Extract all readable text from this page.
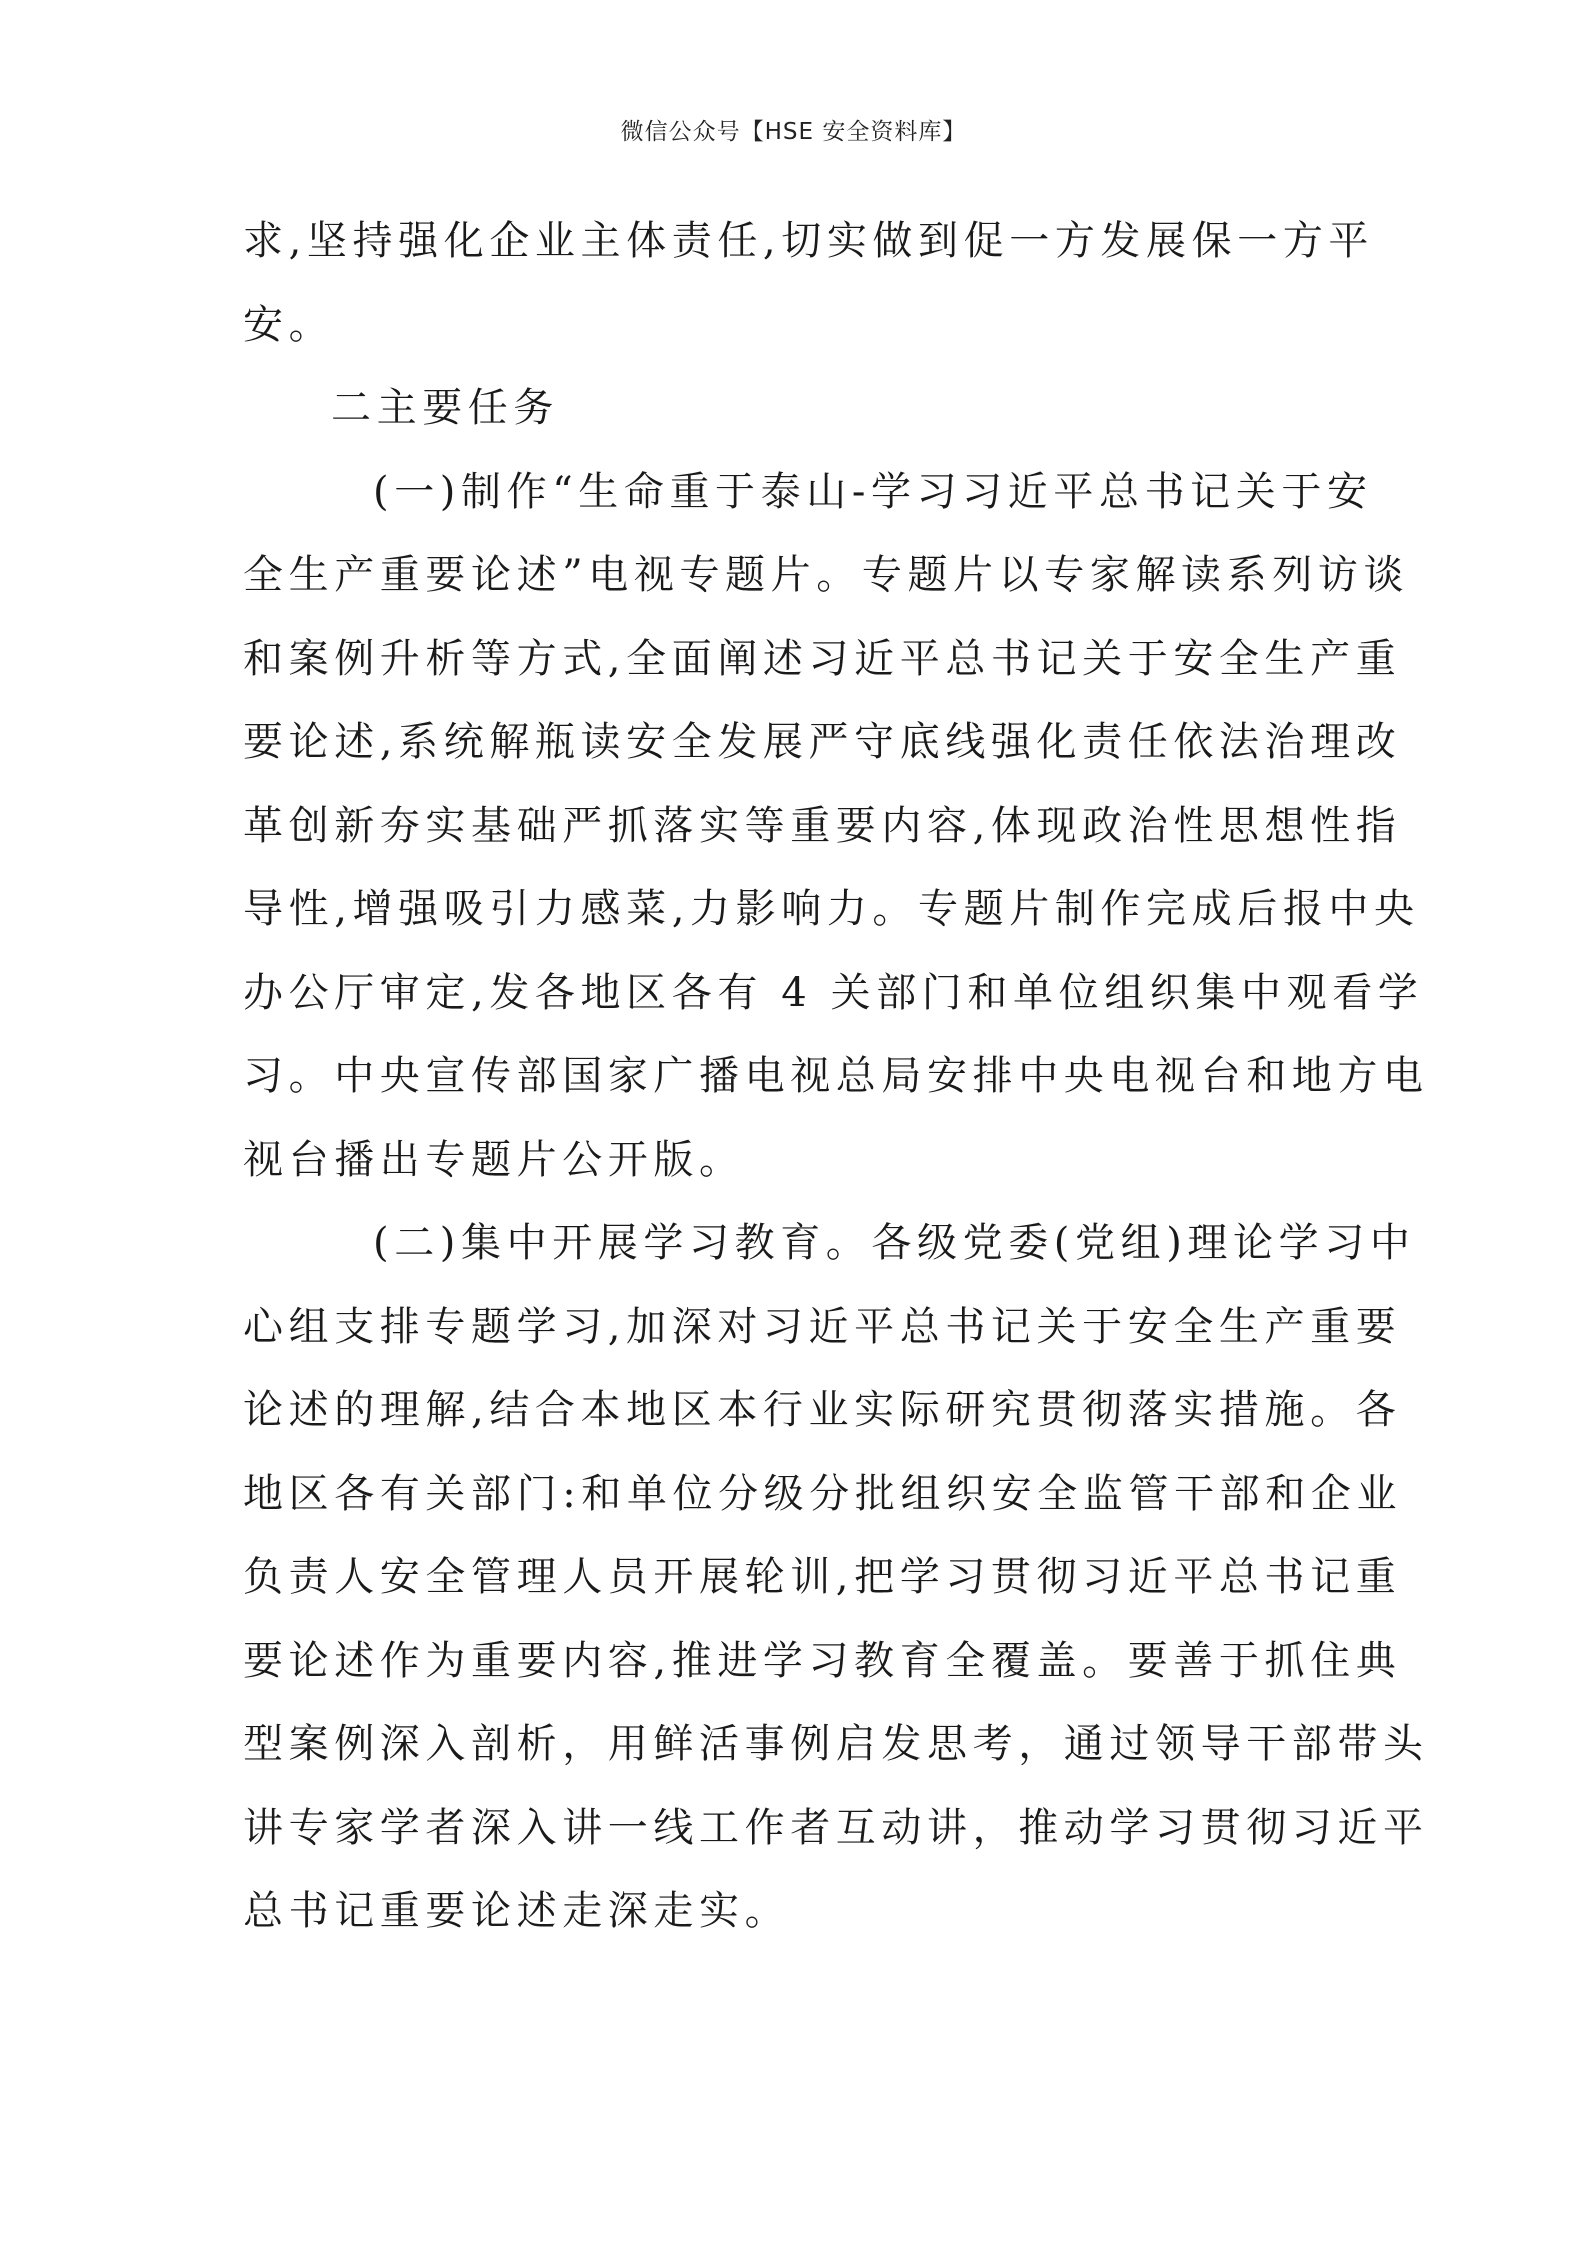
微信公众号【HSE 安全资料库】
求,坚持强化企业主体责任,切实做到促一方发展保一方平
安。
二主要任务
(一)制作“生命重于泰山-学习习近平总书记关于安
全生产重要论述”电视专题片。专题片以专家解读系列访谈
和案例升析等方式,全面阐述习近平总书记关于安全生产重
要论述,系统解瓶读安全发展严守底线强化责任依法治理改
革创新夯实基础严抓落实等重要内容,体现政治性思想性指
导性,增强吸引力感菜,力影响力。专题片制作完成后报中央
办公厅审定,发各地区各有 4 关部门和单位组织集中观看学
习。中央宣传部国家广播电视总局安排中央电视台和地方电
视台播出专题片公开版。
(二)集中开展学习教育。各级党委(党组)理论学习中
心组支排专题学习,加深对习近平总书记关于安全生产重要
论述的理解,结合本地区本行业实际研究贯彻落实措施。各
地区各有关部门:和单位分级分批组织安全监管干部和企业
负责人安全管理人员开展轮训,把学习贯彻习近平总书记重
要论述作为重要内容,推进学习教育全覆盖。要善于抓住典
型案例深入剖析，用鲜活事例启发思考，通过领导干部带头
讲专家学者深入讲一线工作者互动讲，推动学习贯彻习近平
总书记重要论述走深走实。
